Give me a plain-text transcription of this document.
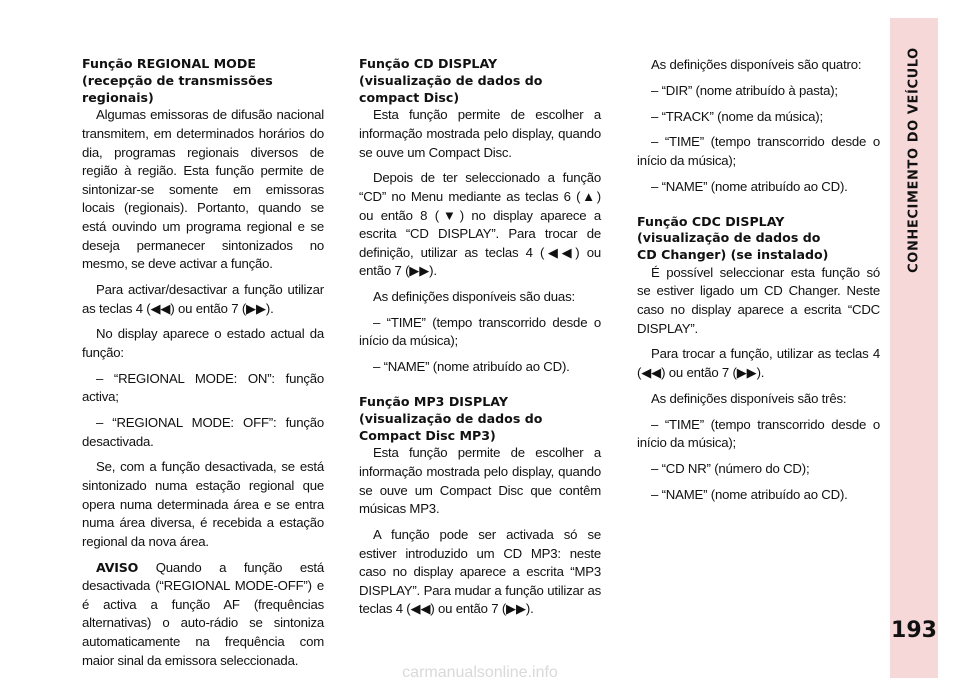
Função REGIONAL MODE
(recepção de transmissões
regionais)

Algumas emissoras de difusão nacional transmitem, em determinados horários do dia, programas regionais diversos de região à região. Esta função permite de sintonizar-se somente em emissoras locais (regionais). Portanto, quando se está ouvindo um programa regional e se deseja permanecer sintonizados no mesmo, se deve activar a função.

Para activar/desactivar a função utilizar as teclas 4 (◀◀) ou então 7 (▶▶).

No display aparece o estado actual da função:

– “REGIONAL MODE: ON”: função activa;

– “REGIONAL MODE: OFF”: função desactivada.

Se, com a função desactivada, se está sintonizado numa estação regional que opera numa determinada área e se entra numa área diversa, é recebida a estação regional da nova área.

AVISO Quando a função está desactivada (“REGIONAL MODE-OFF”) e é activa a função AF (frequências alternativas) o auto-rádio se sintoniza automaticamente na frequência com maior sinal da emissora seleccionada.

Função CD DISPLAY
(visualização de dados do
compact Disc)

Esta função permite de escolher a informação mostrada pelo display, quando se ouve um Compact Disc.

Depois de ter seleccionado a função “CD” no Menu mediante as teclas 6 (▲) ou então 8 (▼) no display aparece a escrita “CD DISPLAY”. Para trocar de definição, utilizar as teclas 4 (◀◀) ou então 7 (▶▶).

As definições disponíveis são duas:

– “TIME” (tempo transcorrido desde o início da música);

– “NAME” (nome atribuído ao CD).

Função MP3 DISPLAY
(visualização de dados do
Compact Disc MP3)

Esta função permite de escolher a informação mostrada pelo display, quando se ouve um Compact Disc que contêm músicas MP3.

A função pode ser activada só se estiver introduzido um CD MP3: neste caso no display aparece a escrita “MP3 DISPLAY”. Para mudar a função utilizar as teclas 4 (◀◀) ou então 7 (▶▶).

As definições disponíveis são quatro:

– “DIR” (nome atribuído à pasta);

– “TRACK” (nome da música);

– “TIME” (tempo transcorrido desde o início da música);

– “NAME” (nome atribuído ao CD).

Função CDC DISPLAY
(visualização de dados do
CD Changer) (se instalado)

É possível seleccionar esta função só se estiver ligado um CD Changer. Neste caso no display aparece a escrita “CDC DISPLAY”.

Para trocar a função, utilizar as teclas 4 (◀◀) ou então 7 (▶▶).

As definições disponíveis são três:

– “TIME” (tempo transcorrido desde o início da música);

– “CD NR” (número do CD);

– “NAME” (nome atribuído ao CD).

CONHECIMENTO DO VEÍCULO
193
carmanualsonline.info
